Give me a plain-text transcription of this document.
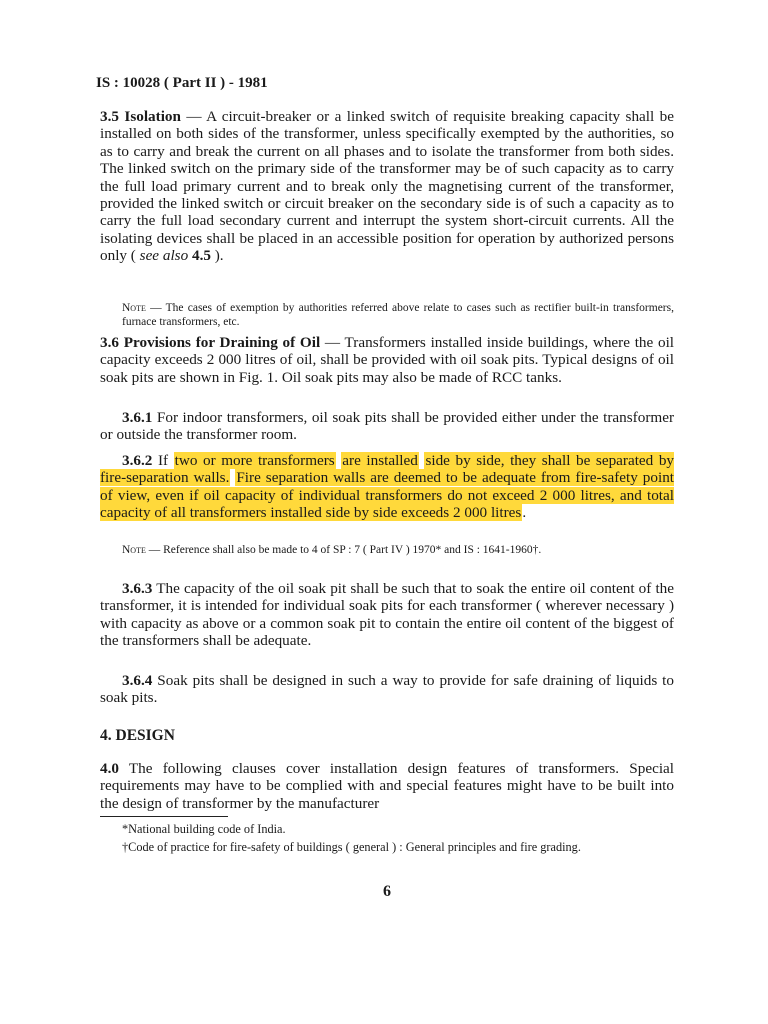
IS : 10028 ( Part II ) - 1981
3.5 Isolation — A circuit-breaker or a linked switch of requisite breaking capacity shall be installed on both sides of the transformer, unless specifically exempted by the authorities, so as to carry and break the current on all phases and to isolate the transformer from both sides. The linked switch on the primary side of the transformer may be of such capacity as to carry the full load primary current and to break only the magnetising current of the transformer, provided the linked switch or circuit breaker on the secondary side is of such a capacity as to carry the full load secondary current and interrupt the system short-circuit currents. All the isolating devices shall be placed in an accessible position for operation by authorized persons only ( see also 4.5 ).
Note — The cases of exemption by authorities referred above relate to cases such as rectifier built-in transformers, furnace transformers, etc.
3.6 Provisions for Draining of Oil — Transformers installed inside buildings, where the oil capacity exceeds 2 000 litres of oil, shall be provided with oil soak pits. Typical designs of oil soak pits are shown in Fig. 1. Oil soak pits may also be made of RCC tanks.
3.6.1 For indoor transformers, oil soak pits shall be provided either under the transformer or outside the transformer room.
3.6.2 If two or more transformers are installed side by side, they shall be separated by fire-separation walls. Fire separation walls are deemed to be adequate from fire-safety point of view, even if oil capacity of individual transformers do not exceed 2 000 litres, and total capacity of all transformers installed side by side exceeds 2 000 litres.
Note — Reference shall also be made to 4 of SP : 7 ( Part IV ) 1970* and IS : 1641-1960†.
3.6.3 The capacity of the oil soak pit shall be such that to soak the entire oil content of the transformer, it is intended for individual soak pits for each transformer ( wherever necessary ) with capacity as above or a common soak pit to contain the entire oil content of the biggest of the transformers shall be adequate.
3.6.4 Soak pits shall be designed in such a way to provide for safe draining of liquids to soak pits.
4. DESIGN
4.0 The following clauses cover installation design features of transformers. Special requirements may have to be complied with and special features might have to be built into the design of transformer by the manufacturer
*National building code of India.
†Code of practice for fire-safety of buildings ( general ) : General principles and fire grading.
6
